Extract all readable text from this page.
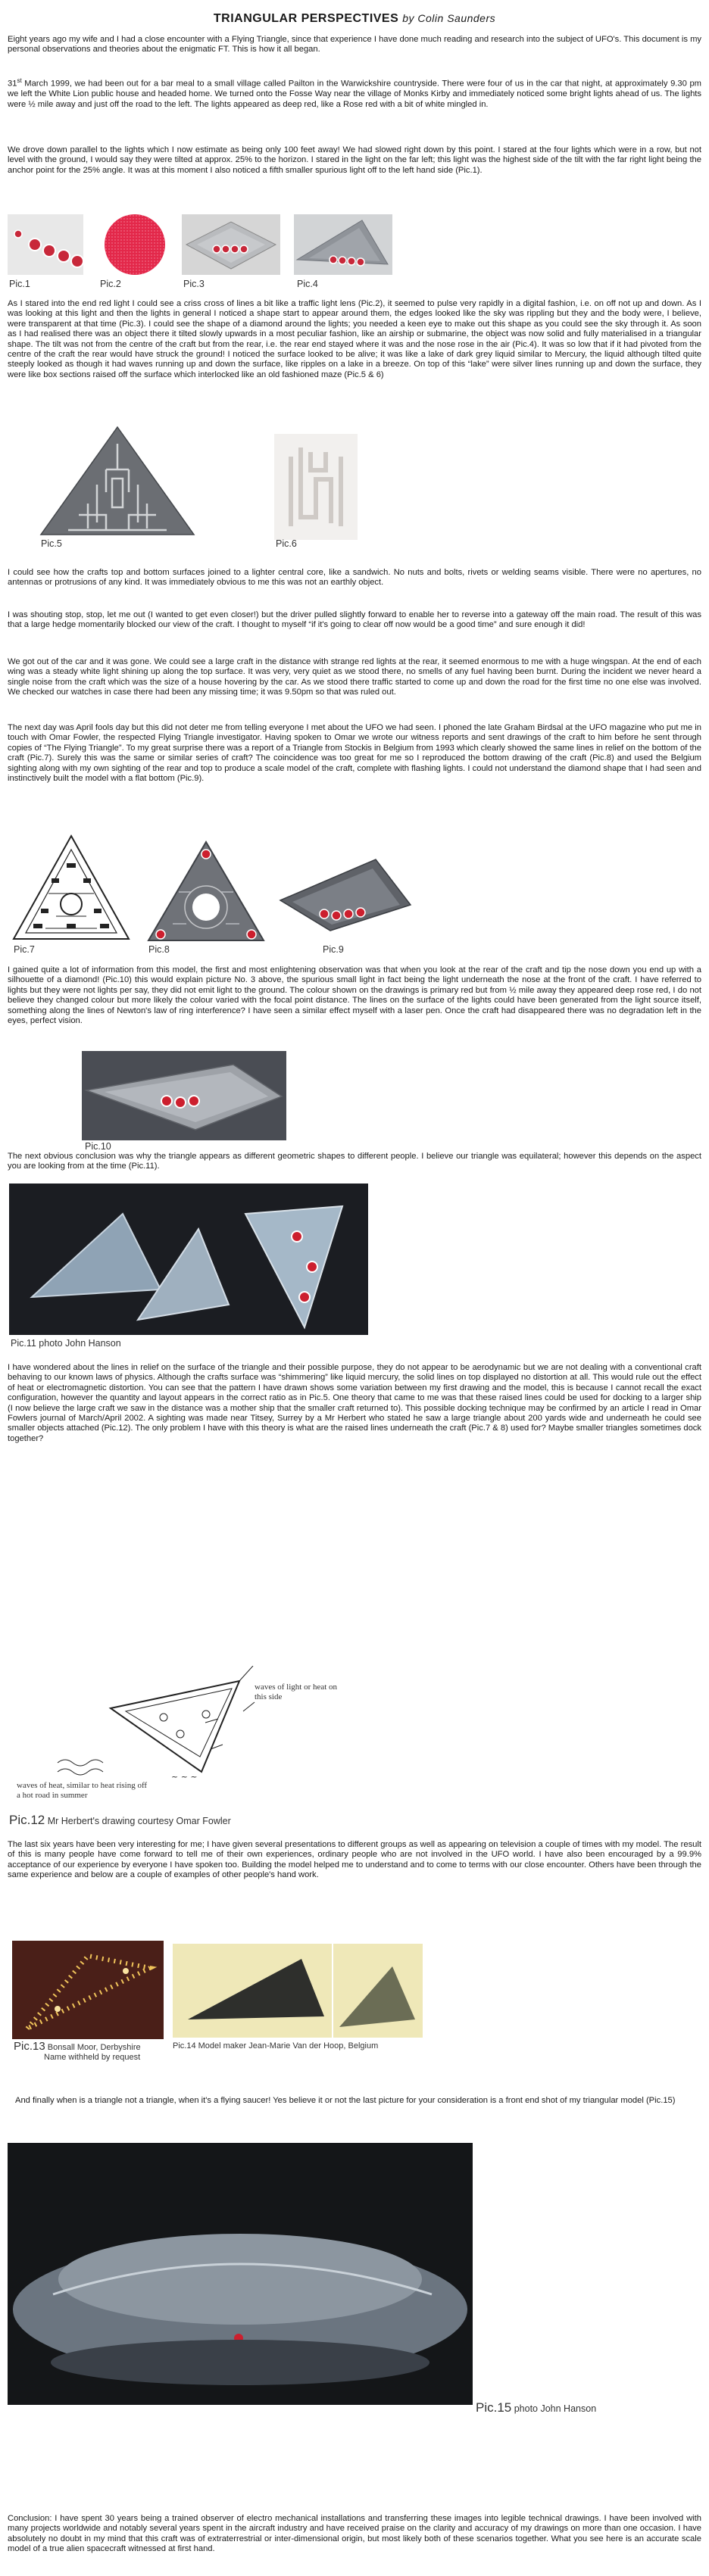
TRIANGULAR PERSPECTIVES by Colin Saunders

Eight years ago my wife and I had a close encounter with a Flying Triangle, since that experience I have done much reading and research into the subject of UFO's. This document is my personal observations and theories about the enigmatic FT. This is how it all began.

31st March 1999, we had been out for a bar meal to a small village called Pailton in the Warwickshire countryside. There were four of us in the car that night, at approximately 9.30 pm we left the White Lion public house and headed home. We turned onto the Fosse Way near the village of Monks Kirby and immediately noticed some bright lights ahead of us. The lights were ½ mile away and just off the road to the left. The lights appeared as deep red, like a Rose red with a bit of white mingled in.

We drove down parallel to the lights which I now estimate as being only 100 feet away! We had slowed right down by this point. I stared at the four lights which were in a row, but not level with the ground, I would say they were tilted at approx. 25% to the horizon. I stared in the light on the far left; this light was the highest side of the tilt with the far right light being the anchor point for the 25% angle. It was at this moment I also noticed a fifth smaller spurious light off to the left hand side (Pic.1).

Pic.1	Pic.2	Pic.3	Pic.4

As I stared into the end red light I could see a criss cross of lines a bit like a traffic light lens (Pic.2), it seemed to pulse very rapidly in a digital fashion, i.e. on off not up and down. As I was looking at this light and then the lights in general I noticed a shape start to appear around them, the edges looked like the sky was rippling but they and the body were, I believe, were transparent at that time (Pic.3). I could see the shape of a diamond around the lights; you needed a keen eye to make out this shape as you could see the sky through it. As soon as I had realised there was an object there it tilted slowly upwards in a most peculiar fashion, like an airship or submarine, the object was now solid and fully materialised in a triangular shape. The tilt was not from the centre of the craft but from the rear, i.e. the rear end stayed where it was and the nose rose in the air (Pic.4). It was so low that if it had pivoted from the centre of the craft the rear would have struck the ground! I noticed the surface looked to be alive; it was like a lake of dark grey liquid similar to Mercury, the liquid although tilted quite steeply looked as though it had waves running up and down the surface, like ripples on a lake in a breeze. On top of this “lake” were silver lines running up and down the surface, they were like box sections raised off the surface which interlocked like an old fashioned maze (Pic.5 & 6)

Pic.5	Pic.6

I could see how the crafts top and bottom surfaces joined to a lighter central core, like a sandwich. No nuts and bolts, rivets or welding seams visible. There were no apertures, no antennas or protrusions of any kind. It was immediately obvious to me this was not an earthly object.

I was shouting stop, stop, let me out (I wanted to get even closer!) but the driver pulled slightly forward to enable her to reverse into a gateway off the main road. The result of this was that a large hedge momentarily blocked our view of the craft. I thought to myself “if it's going to clear off now would be a good time” and sure enough it did!

We got out of the car and it was gone. We could see a large craft in the distance with strange red lights at the rear, it seemed enormous to me with a huge wingspan. At the end of each wing was a steady white light shining up along the top surface. It was very, very quiet as we stood there, no smells of any fuel having been burnt. During the incident we never heard a single noise from the craft which was the size of a house hovering by the car. As we stood there traffic started to come up and down the road for the first time no one else was involved. We checked our watches in case there had been any missing time; it was 9.50pm so that was ruled out.

The next day was April fools day but this did not deter me from telling everyone I met about the UFO we had seen. I phoned the late Graham Birdsal at the UFO magazine who put me in touch with Omar Fowler, the respected Flying Triangle investigator. Having spoken to Omar we wrote our witness reports and sent drawings of the craft to him before he sent through copies of “The Flying Triangle”. To my great surprise there was a report of a Triangle from Stockis in Belgium from 1993 which clearly showed the same lines in relief on the bottom of the craft (Pic.7). Surely this was the same or similar series of craft? The coincidence was too great for me so I reproduced the bottom drawing of the craft (Pic.8) and used the Belgium sighting along with my own sighting of the rear and top to produce a scale model of the craft, complete with flashing lights. I could not understand the diamond shape that I had seen and instinctively built the model with a flat bottom (Pic.9).

Pic.7	Pic.8	Pic.9

I gained quite a lot of information from this model, the first and most enlightening observation was that when you look at the rear of the craft and tip the nose down you end up with a silhouette of a diamond! (Pic.10) this would explain picture No. 3 above, the spurious small light in fact being the light underneath the nose at the front of the craft. I have referred to lights but they were not lights per say, they did not emit light to the ground. The colour shown on the drawings is primary red but from ½ mile away they appeared deep rose red, I do not believe they changed colour but more likely the colour varied with the focal point distance. The lines on the surface of the lights could have been generated from the light source itself, something along the lines of Newton's law of ring interference? I have seen a similar effect myself with a laser pen. Once the craft had disappeared there was no degradation left in the eyes, perfect vision.

Pic.10

The next obvious conclusion was why the triangle appears as different geometric shapes to different people. I believe our triangle was equilateral; however this depends on the aspect you are looking from at the time (Pic.11).

Pic.11 photo John Hanson

I have wondered about the lines in relief on the surface of the triangle and their possible purpose, they do not appear to be aerodynamic but we are not dealing with a conventional craft behaving to our known laws of physics. Although the crafts surface was “shimmering” like liquid mercury, the solid lines on top displayed no distortion at all. This would rule out the effect of heat or electromagnetic distortion. You can see that the pattern I have drawn shows some variation between my first drawing and the model, this is because I cannot recall the exact configuration, however the quantity and layout appears in the correct ratio as in Pic.5. One theory that came to me was that these raised lines could be used for docking to a larger ship (I now believe the large craft we saw in the distance was a mother ship that the smaller craft returned to). This possible docking technique may be confirmed by an article I read in Omar Fowlers journal of March/April 2002. A sighting was made near Titsey, Surrey by a Mr Herbert who stated he saw a large triangle about 200 yards wide and underneath he could see smaller objects attached (Pic.12). The only problem I have with this theory is what are the raised lines underneath the craft (Pic.7 & 8) used for? Maybe smaller triangles sometimes dock together?

~ ~ ~
waves of light or heat on
this side
waves of heat, similar to heat rising off
a hot road in summer
Pic.12 Mr Herbert's drawing courtesy Omar Fowler

The last six years have been very interesting for me; I have given several presentations to different groups as well as appearing on television a couple of times with my model. The result of this is many people have come forward to tell me of their own experiences, ordinary people who are not involved in the UFO world. I have also been encouraged by a 99.9% acceptance of our experience by everyone I have spoken too. Building the model helped me to understand and to come to terms with our close encounter. Others have been through the same experience and below are a couple of examples of other people's hand work.

Pic.13 Bonsall Moor, Derbyshire
Name withheld by request
Pic.14 Model maker Jean-Marie Van der Hoop, Belgium

And finally when is a triangle not a triangle, when it's a flying saucer! Yes believe it or not the last picture for your consideration is a front end shot of my triangular model (Pic.15)

Pic.15 photo John Hanson

Conclusion: I have spent 30 years being a trained observer of electro mechanical installations and transferring these images into legible technical drawings. I have been involved with many projects worldwide and notably several years spent in the aircraft industry and have received praise on the clarity and accuracy of my drawings on more than one occasion. I have absolutely no doubt in my mind that this craft was of extraterrestrial or inter-dimensional origin, but most likely both of these scenarios together. What you see here is an accurate scale model of a true alien spacecraft witnessed at first hand.
